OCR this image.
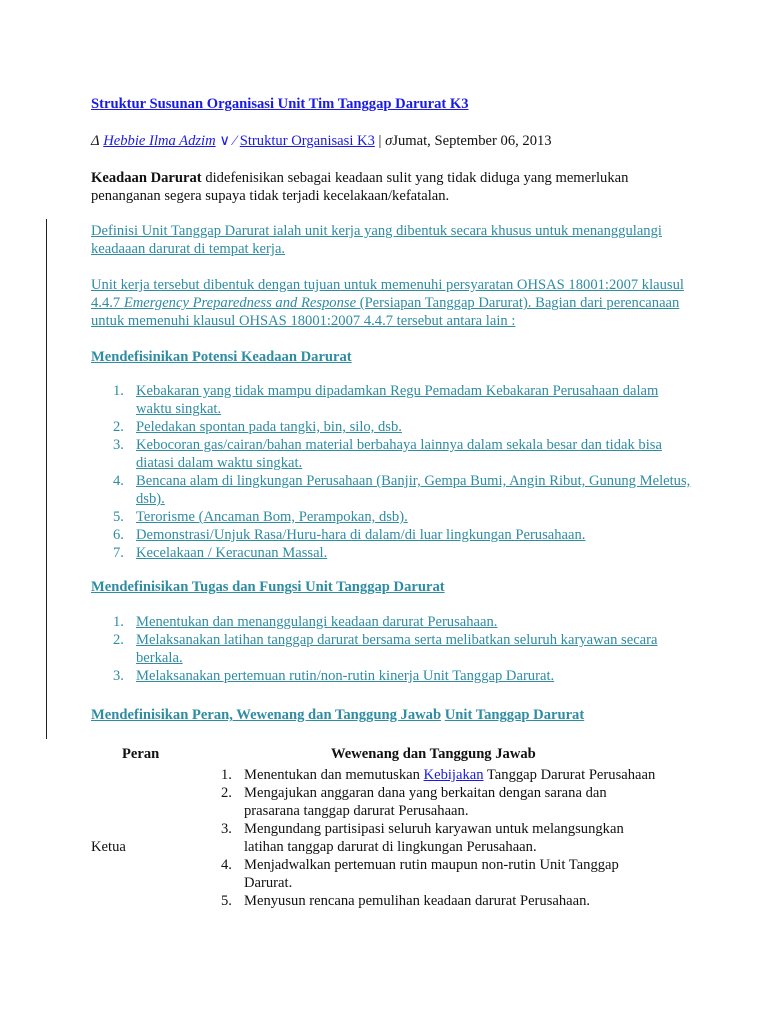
Struktur Susunan Organisasi Unit Tim Tanggap Darurat K3
Δ Hebbie Ilma Adzim ∨ ⁄ Struktur Organisasi K3 | σJumat, September 06, 2013
Keadaan Darurat didefenisikan sebagai keadaan sulit yang tidak diduga yang memerlukan penanganan segera supaya tidak terjadi kecelakaan/kefatalan.
Definisi Unit Tanggap Darurat ialah unit kerja yang dibentuk secara khusus untuk menanggulangi keadaaan darurat di tempat kerja.
Unit kerja tersebut dibentuk dengan tujuan untuk memenuhi persyaratan OHSAS 18001:2007 klausul 4.4.7 Emergency Preparedness and Response (Persiapan Tanggap Darurat). Bagian dari perencanaan untuk memenuhi klausul OHSAS 18001:2007 4.4.7 tersebut antara lain :
Mendefisinikan Potensi Keadaan Darurat
1. Kebakaran yang tidak mampu dipadamkan Regu Pemadam Kebakaran Perusahaan dalam waktu singkat.
2. Peledakan spontan pada tangki, bin, silo, dsb.
3. Kebocoran gas/cairan/bahan material berbahaya lainnya dalam sekala besar dan tidak bisa diatasi dalam waktu singkat.
4. Bencana alam di lingkungan Perusahaan (Banjir, Gempa Bumi, Angin Ribut, Gunung Meletus, dsb).
5. Terorisme (Ancaman Bom, Perampokan, dsb).
6. Demonstrasi/Unjuk Rasa/Huru-hara di dalam/di luar lingkungan Perusahaan.
7. Kecelakaan / Keracunan Massal.
Mendefinisikan Tugas dan Fungsi Unit Tanggap Darurat
1. Menentukan dan menanggulangi keadaan darurat Perusahaan.
2. Melaksanakan latihan tanggap darurat bersama serta melibatkan seluruh karyawan secara berkala.
3. Melaksanakan pertemuan rutin/non-rutin kinerja Unit Tanggap Darurat.
Mendefinisikan Peran, Wewenang dan Tanggung Jawab Unit Tanggap Darurat
Peran	Wewenang dan Tanggung Jawab
Ketua
1. Menentukan dan memutuskan Kebijakan Tanggap Darurat Perusahaan
2. Mengajukan anggaran dana yang berkaitan dengan sarana dan prasarana tanggap darurat Perusahaan.
3. Mengundang partisipasi seluruh karyawan untuk melangsungkan latihan tanggap darurat di lingkungan Perusahaan.
4. Menjadwalkan pertemuan rutin maupun non-rutin Unit Tanggap Darurat.
5. Menyusun rencana pemulihan keadaan darurat Perusahaan.
